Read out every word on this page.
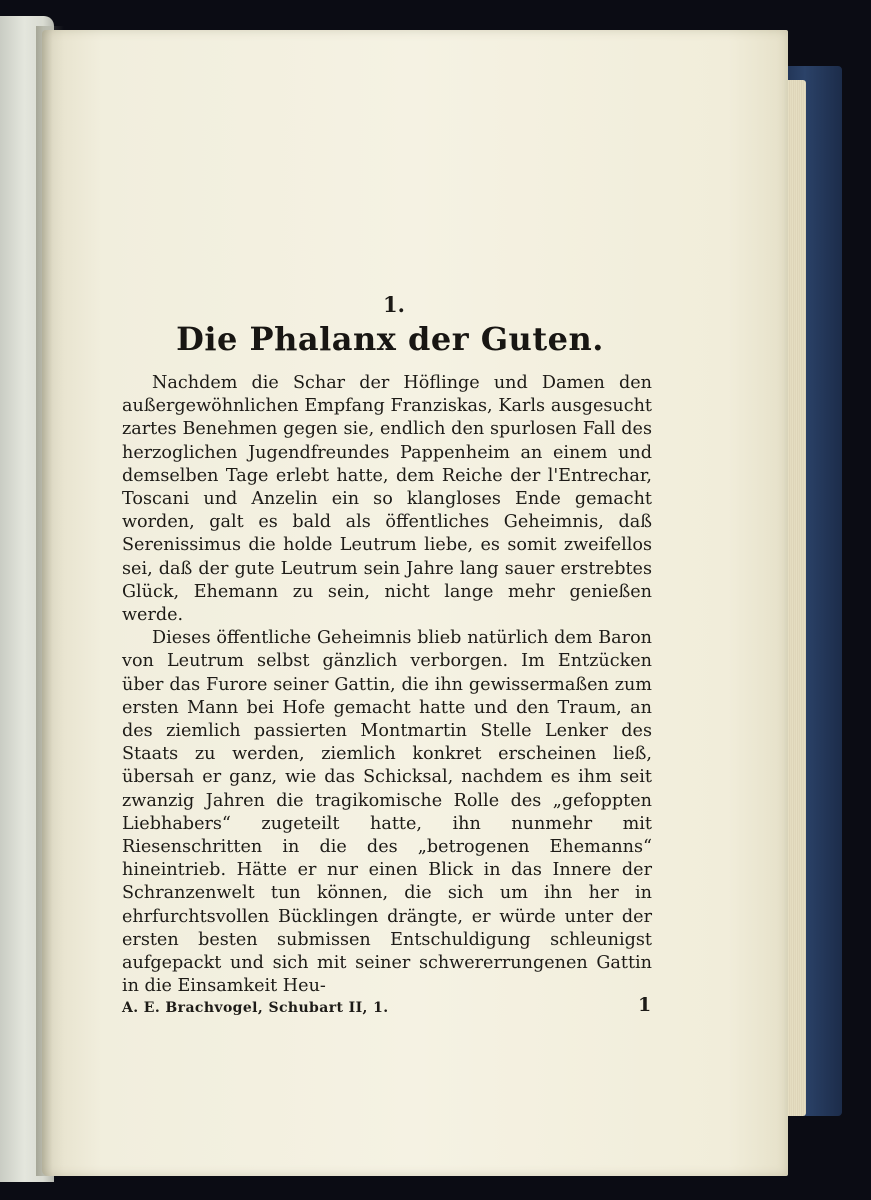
1.
Die Phalanx der Guten.

Nachdem die Schar der Höflinge und Damen den außergewöhnlichen Empfang Franziskas, Karls ausgesucht zartes Benehmen gegen sie, endlich den spurlosen Fall des herzoglichen Jugendfreundes Pappenheim an einem und demselben Tage erlebt hatte, dem Reiche der l'Entrechar, Toscani und Anzelin ein so klangloses Ende gemacht worden, galt es bald als öffentliches Geheimnis, daß Serenissimus die holde Leutrum liebe, es somit zweifellos sei, daß der gute Leutrum sein Jahre lang sauer erstrebtes Glück, Ehemann zu sein, nicht lange mehr genießen werde.

Dieses öffentliche Geheimnis blieb natürlich dem Baron von Leutrum selbst gänzlich verborgen. Im Entzücken über das Furore seiner Gattin, die ihn gewissermaßen zum ersten Mann bei Hofe gemacht hatte und den Traum, an des ziemlich passierten Montmartin Stelle Lenker des Staats zu werden, ziemlich konkret erscheinen ließ, übersah er ganz, wie das Schicksal, nachdem es ihm seit zwanzig Jahren die tragikomische Rolle des „gefoppten Liebhabers“ zugeteilt hatte, ihn nunmehr mit Riesenschritten in die des „betrogenen Ehemanns“ hineintrieb. Hätte er nur einen Blick in das Innere der Schranzenwelt tun können, die sich um ihn her in ehrfurchtsvollen Bücklingen drängte, er würde unter der ersten besten submissen Entschuldigung schleunigst aufgepackt und sich mit seiner schwererrungenen Gattin in die Einsamkeit Heu-

A. E. Brachvogel, Schubart II, 1.	1
